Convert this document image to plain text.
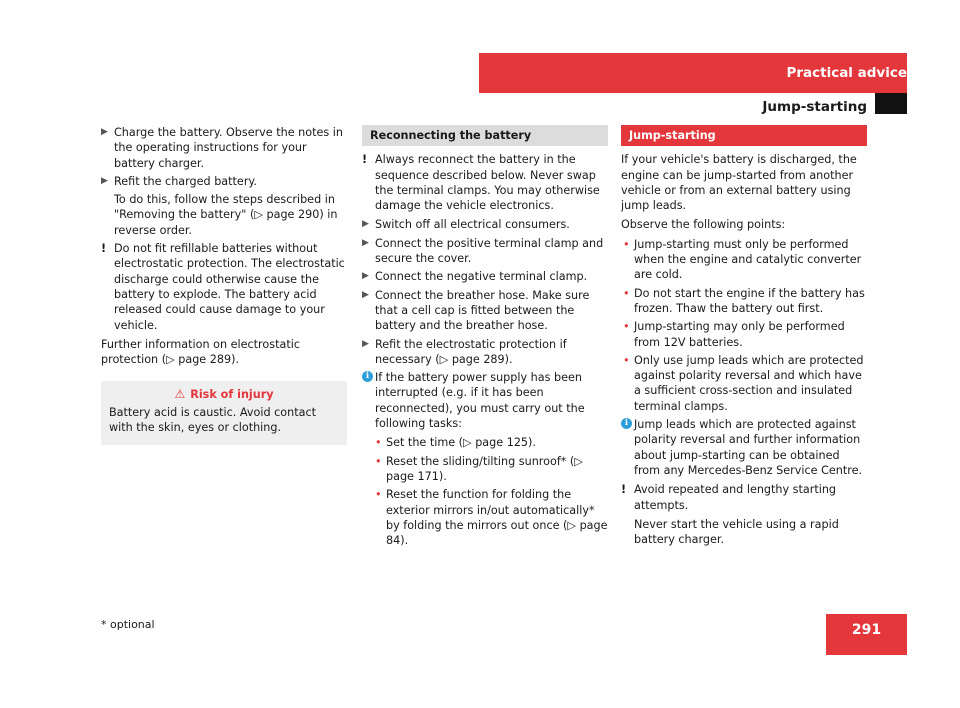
Practical advice
Jump-starting
▶ Charge the battery. Observe the notes in the operating instructions for your battery charger.
▶ Refit the charged battery.
To do this, follow the steps described in "Removing the battery" (▷ page 290) in reverse order.
! Do not fit refillable batteries without electrostatic protection. The electrostatic discharge could otherwise cause the battery to explode. The battery acid released could cause damage to your vehicle.
Further information on electrostatic protection (▷ page 289).
⚠ Risk of injury
Battery acid is caustic. Avoid contact with the skin, eyes or clothing.
Reconnecting the battery
! Always reconnect the battery in the sequence described below. Never swap the terminal clamps. You may otherwise damage the vehicle electronics.
▶ Switch off all electrical consumers.
▶ Connect the positive terminal clamp and secure the cover.
▶ Connect the negative terminal clamp.
▶ Connect the breather hose. Make sure that a cell cap is fitted between the battery and the breather hose.
▶ Refit the electrostatic protection if necessary (▷ page 289).
i If the battery power supply has been interrupted (e.g. if it has been reconnected), you must carry out the following tasks:
• Set the time (▷ page 125).
• Reset the sliding/tilting sunroof* (▷ page 171).
• Reset the function for folding the exterior mirrors in/out automatically* by folding the mirrors out once (▷ page 84).
Jump-starting
If your vehicle's battery is discharged, the engine can be jump-started from another vehicle or from an external battery using jump leads.
Observe the following points:
• Jump-starting must only be performed when the engine and catalytic converter are cold.
• Do not start the engine if the battery has frozen. Thaw the battery out first.
• Jump-starting may only be performed from 12V batteries.
• Only use jump leads which are protected against polarity reversal and which have a sufficient cross-section and insulated terminal clamps.
i Jump leads which are protected against polarity reversal and further information about jump-starting can be obtained from any Mercedes-Benz Service Centre.
! Avoid repeated and lengthy starting attempts.
Never start the vehicle using a rapid battery charger.
* optional	291
